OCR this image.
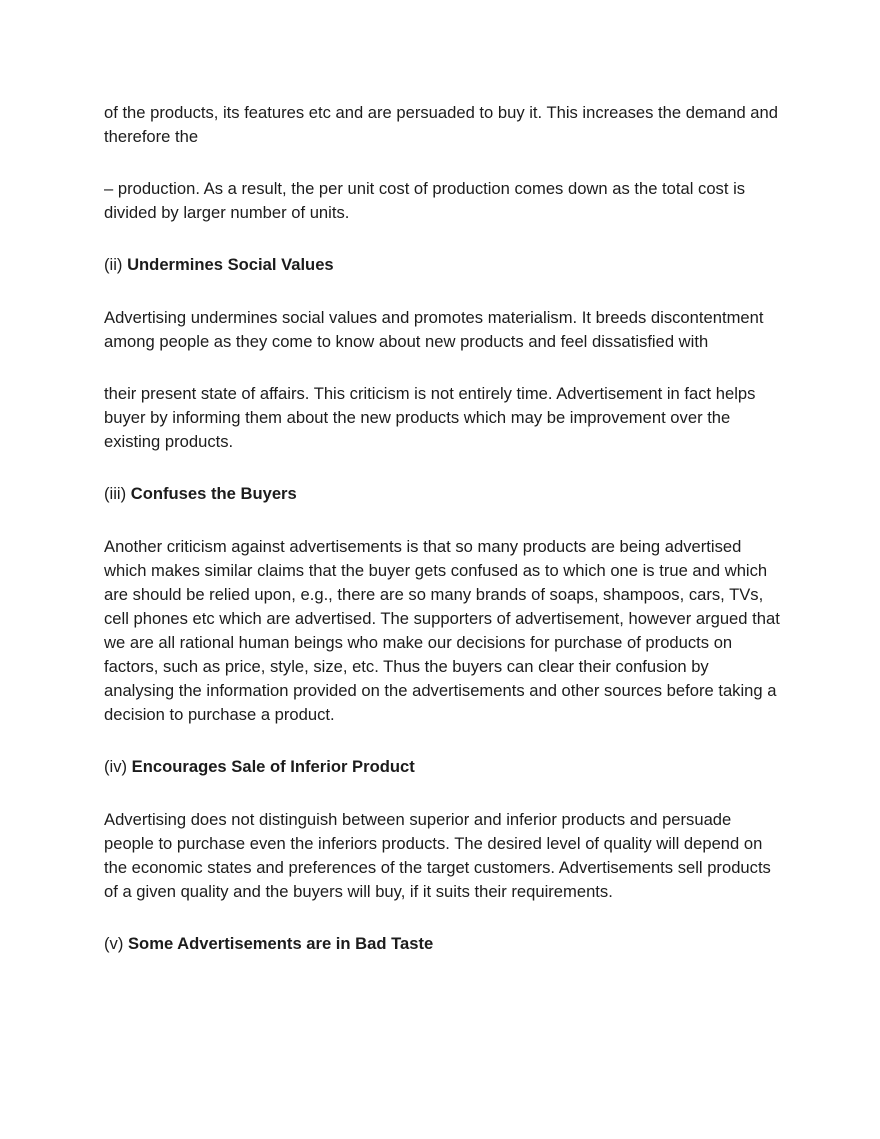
of the products, its features etc and are persuaded to buy it. This increases the demand and therefore the

– production. As a result, the per unit cost of production comes down as the total cost is divided by larger number of units.

(ii) Undermines Social Values

Advertising undermines social values and promotes materialism. It breeds discontentment among people as they come to know about new products and feel dissatisfied with

their present state of affairs. This criticism is not entirely time. Advertisement in fact helps buyer by informing them about the new products which may be improvement over the existing products.

(iii) Confuses the Buyers

Another criticism against advertisements is that so many products are being advertised which makes similar claims that the buyer gets confused as to which one is true and which are should be relied upon, e.g., there are so many brands of soaps, shampoos, cars, TVs, cell phones etc which are advertised. The supporters of advertisement, however argued that we are all rational human beings who make our decisions for purchase of products on factors, such as price, style, size, etc. Thus the buyers can clear their confusion by analysing the information provided on the advertisements and other sources before taking a decision to purchase a product.

(iv) Encourages Sale of Inferior Product

Advertising does not distinguish between superior and inferior products and persuade people to purchase even the inferiors products. The desired level of quality will depend on the economic states and preferences of the target customers. Advertisements sell products of a given quality and the buyers will buy, if it suits their requirements.

(v) Some Advertisements are in Bad Taste
